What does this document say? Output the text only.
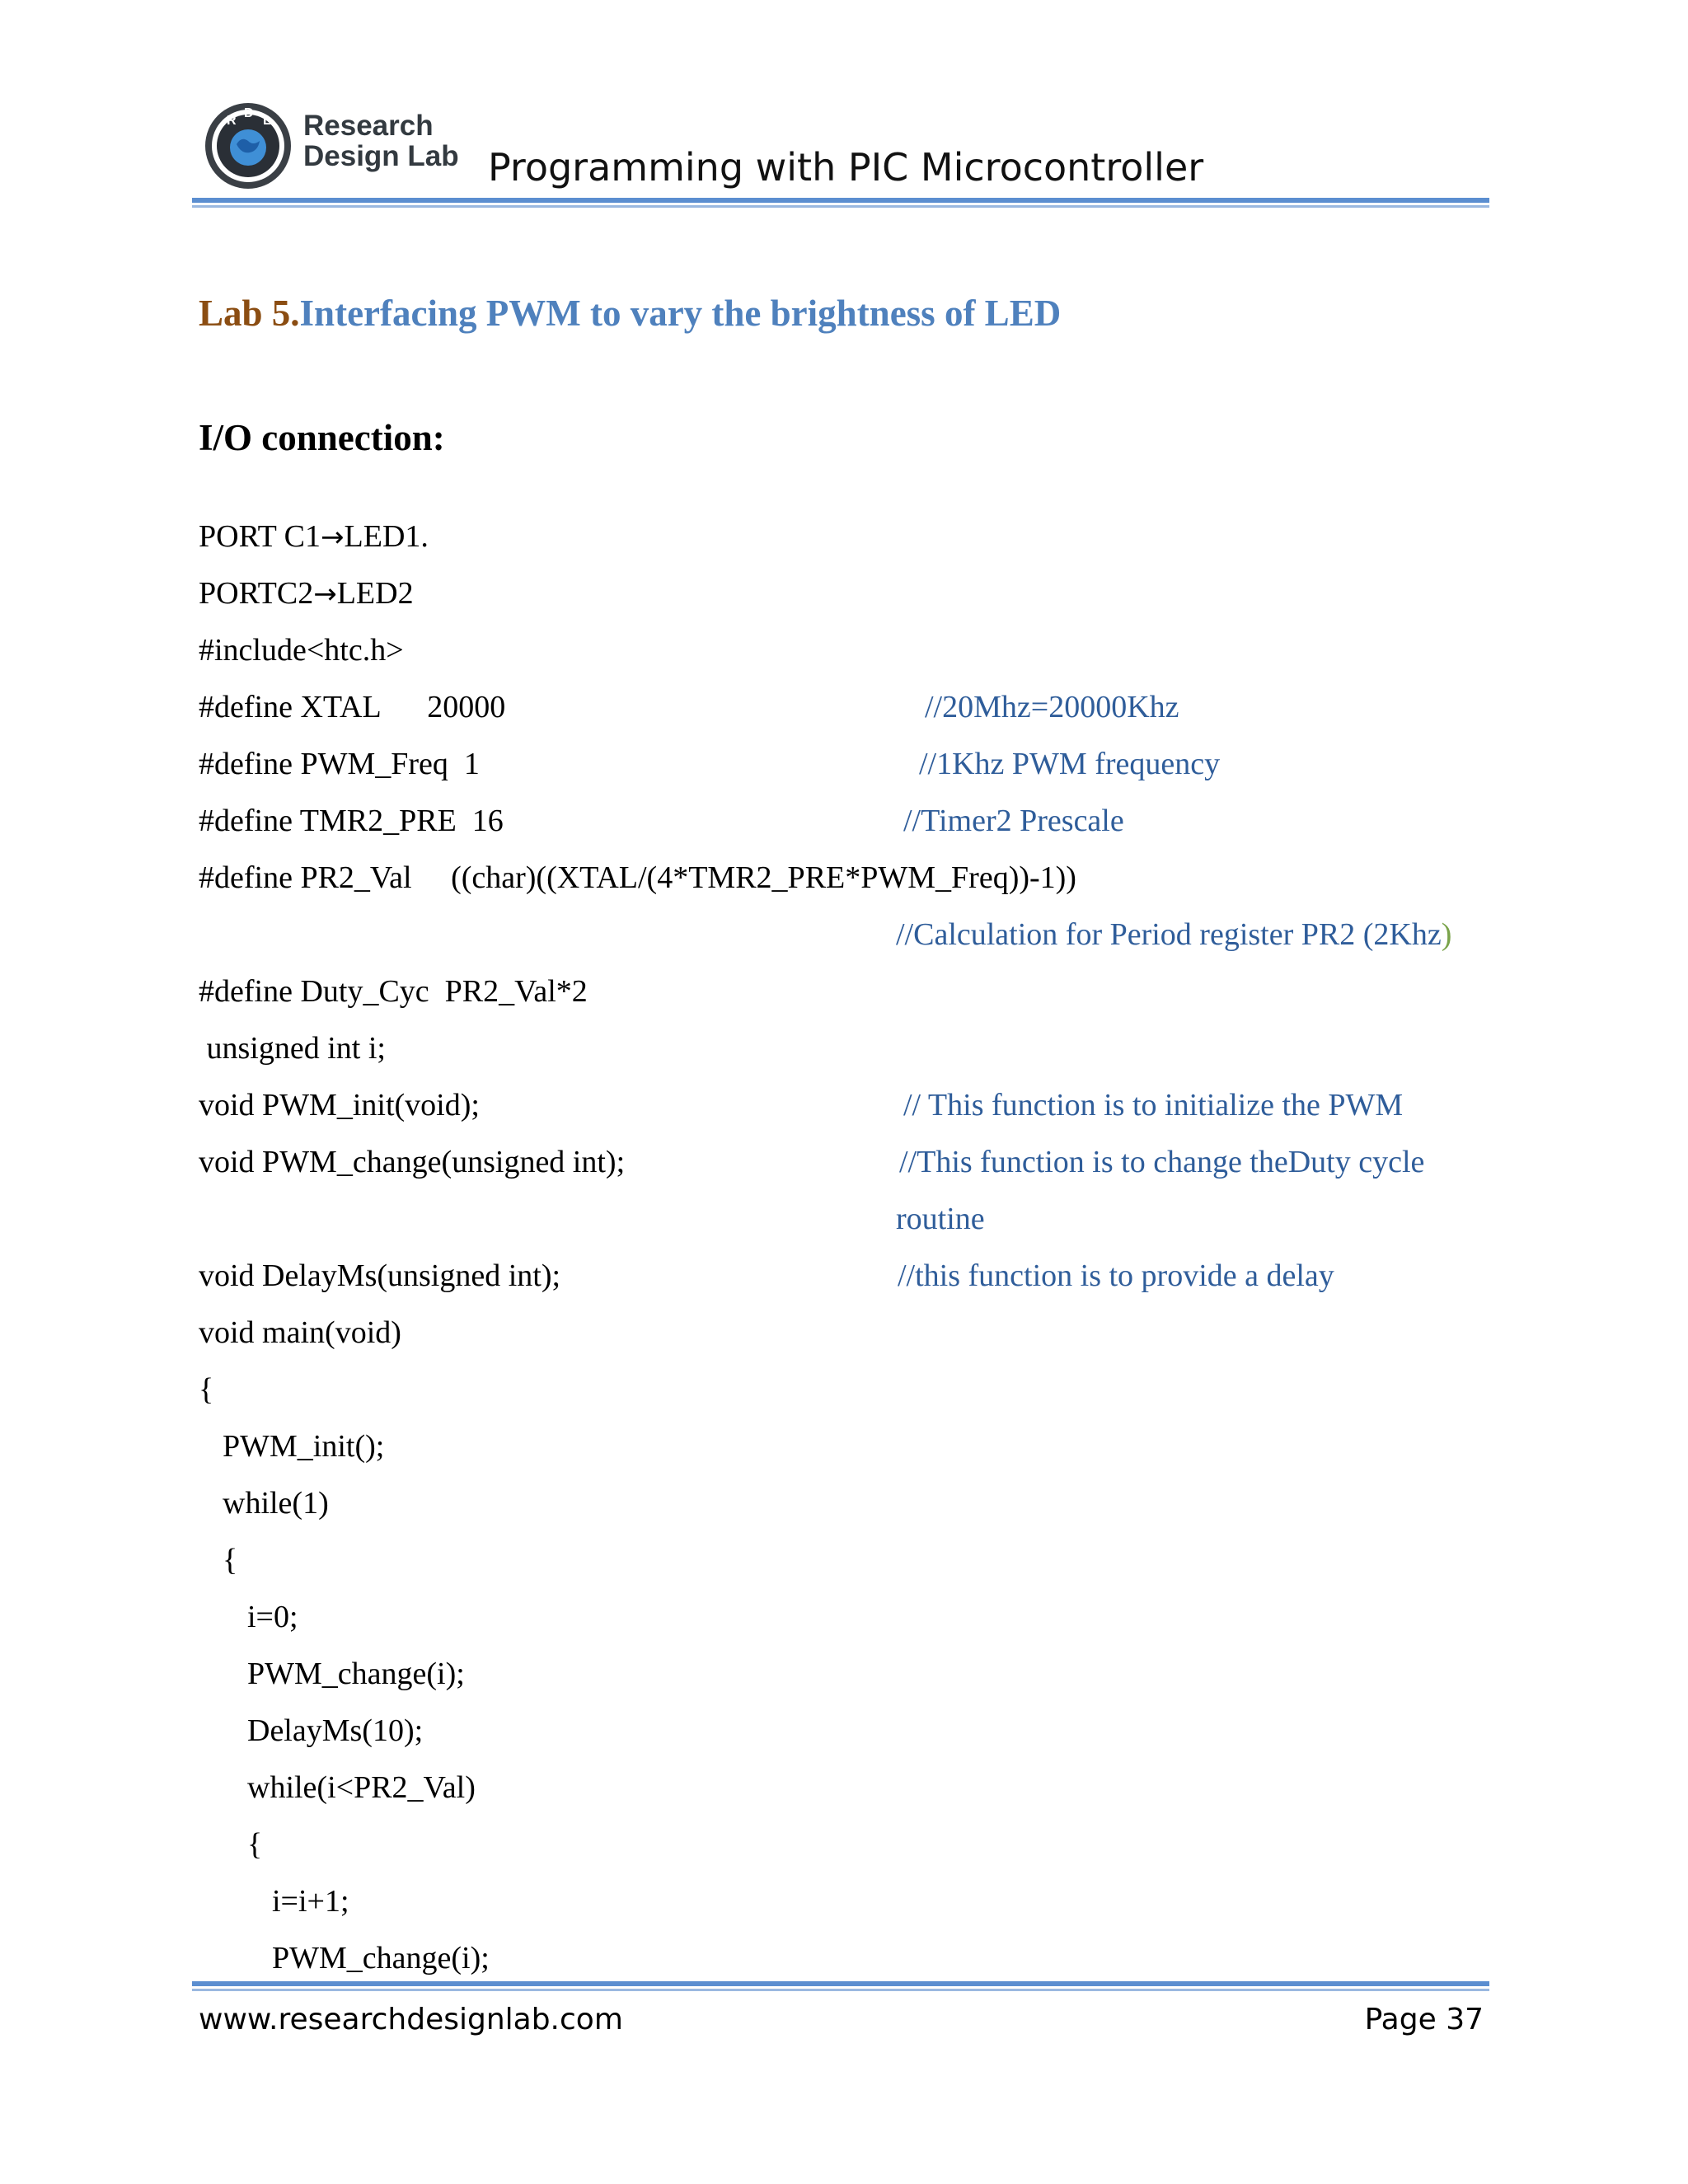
R
D
L Research
Design Lab Programming with PIC Microcontroller
Lab 5.Interfacing PWM to vary the brightness of LED
I/O connection:
PORT C1→LED1.
PORTC2→LED2
#include<htc.h>
#define XTAL      20000	//20Mhz=20000Khz
#define PWM_Freq  1	//1Khz PWM frequency
#define TMR2_PRE  16	//Timer2 Prescale
#define PR2_Val     ((char)((XTAL/(4*TMR2_PRE*PWM_Freq))-1))
//Calculation for Period register PR2 (2Khz)
#define Duty_Cyc  PR2_Val*2
unsigned int i;
void PWM_init(void);	// This function is to initialize the PWM
void PWM_change(unsigned int);	//This function is to change theDuty cycle
routine
void DelayMs(unsigned int);	//this function is to provide a delay
void main(void)
{
PWM_init();
while(1)
{
i=0;
PWM_change(i);
DelayMs(10);
while(i<PR2_Val)
{
i=i+1;
PWM_change(i);
www.researchdesignlab.com	Page 37
